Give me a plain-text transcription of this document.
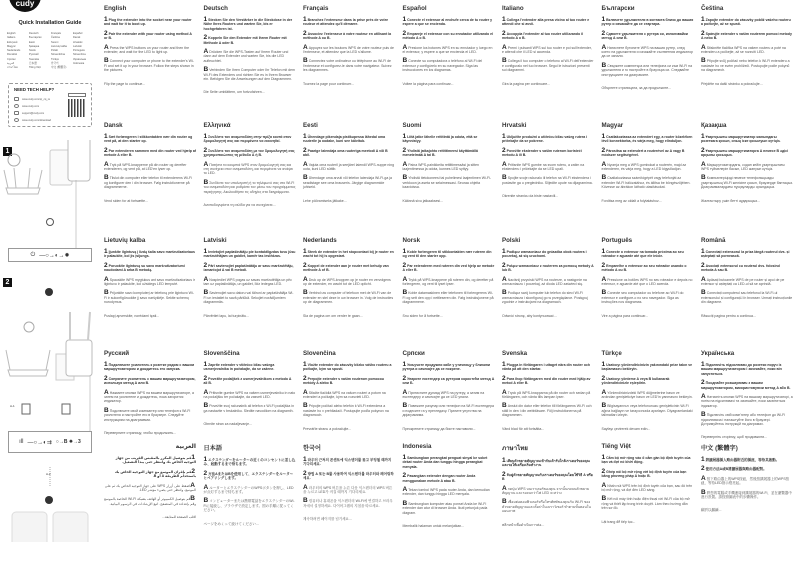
cudy
Quick Installation Guide
English	Deutsch	Français	Español
Italiano	Български	Čeština	Dansk
Ελληνικά	Eesti	Suomi	Hrvatski
Magyar	Қазақша	Lietuvių kalba	Latviski
Nederlands	Norsk	Polski	Português
Română	Русский	Slovenščina	Slovenčina
Српски	Svenska	Türkçe	Українська
العربية	日本語	한국어	Indonesia
ภาษาไทย	Tiếng Việt	中文 (繁體字)
NEED TECH HELP?
www.cudy.com/qr_cq_re
www.cudy.com
support@cudy.com
www.cudy.com/download
1
⏻ —○→◐→✹
2
A-1
ıll —○→◐⇉ ○→B ✹→3
A-2
English

1Plug the extender into the socket near your router and wait for it to boot up.

2Pair the extender with your router using method A or B.

APress the WPS buttons on your router and then the extender, and wait for the LED to light up.

BConnect your computer or phone to the extender's Wi-Fi and set it up in your browser. Follow the steps shown in the pictures.

Flip the page to continue...

Deutsch

1Stecken Sie den Verstärker in die Steckdose in der Nähe Ihres Routers und warten Sie, bis er hochgefahren ist.

2Koppeln Sie den Extender mit Ihrem Router mit Methode A oder B.

ADrücken Sie die WPS-Tasten auf Ihrem Router und dann auf dem Extender und warten Sie, bis die LED aufleuchtet.

BVerbinden Sie Ihren Computer oder Ihr Telefon mit dem Wi-Fi des Extenders und richten Sie es in Ihrem Browser ein. Befolgen Sie die Anweisungen auf den Diagrammen.

Die Seite umblättern, um fortzufahren...

Français

1Branchez l'extenseur dans la prise près de votre routeur et attendez qu'il démarre.

2Associez l'extenseur à votre routeur en utilisant la méthode A ou B.

AAppuyez sur les boutons WPS de votre routeur puis de l'extenseur, et attendez que la LED s'allume.

BConnectez votre ordinateur ou téléphone au Wi-Fi de l'extenseur et configurez-le dans votre navigateur. Suivez les diagrammes.

Tournez la page pour continuer...

Español

1Conecte el extensor al enchufe cerca de tu router y espere a que se encienda.

2Empareje el extensor con su enrutador utilizando el método A o B.

APresione los botones WPS en su enrutador y luego en el extensor, y espere a que se encienda el LED.

BConecte su computadora o teléfono al Wi-Fi del extensor y configúrelo en su navegador. Siga las instrucciones en los diagramas.

Voltee la página para continuar...

Italiano

1Collega l'extender alla presa vicino al tuo router e attendi che si avvii.

2Accoppia l'extender al tuo router utilizzando il metodo A o B.

APremi i pulsanti WPS sul tuo router e poi sull'extender, e attendi che il LED si accenda.

BCollega il tuo computer o telefono al Wi-Fi dell'extender e configuralo nel tuo browser. Segui le istruzioni presenti sui diagrammi.

Gira la pagina per continuare...

Български

1Включете удължителя в контакта близо до вашия рутер и изчакайте да се стартира.

2Сдвоете удължителя с рутера си, използвайки метод А или В.

AНатиснете бутоните WPS на вашия рутер, след което на удължителя и изчакайте съответния индикатор да се запали.

BСвържете компютъра или телефона си към Wi-Fi на удължителя и го настройте в браузъра си. Следвайте инструкциите на диаграмите.

Обърнете страницата, за да продължите...

Čeština

1Zapojte extender do zásuvky poblíž vašeho routeru a počkejte, až se spustí.

2Spárujte extender s vaším routerem pomocí metody A nebo B.

AStiskněte tlačítka WPS na vašem routeru a poté na extenderu a počkejte, až se rozsvítí LED.

BPřipojte svůj počítač nebo telefon k Wi-Fi extenderu a nastavte ho ve svém prohlížeči. Postupujte podle pokynů na diagramech.

Přejděte na další stránku a pokračujte...

Dansk

1Sæt forlængeren i stikkontakten nær din router og vent på, at den starter op.

2Par extenderen sammen med din router ved hjælp af metode A eller B.

ATryk på WPS-knapperne på din router og derefter extenderen, og vent på, at LED'en lyser op.

BTilslut din computer eller telefon til extenderens Wi-Fi og konfigurer den i din browser. Følg instruktionerne på diagrammerne.

Vend siden for at fortsætte...

Ελληνικά

1Συνδέστε τον αναμεταδότη στην πρίζα κοντά στον δρομολογητή σας και περιμένετε να εκκινηθεί.

2Συνδέστε τον αναμεταδότη με τον δρομολογητή σας χρησιμοποιώντας τη μέθοδο Α ή Β.

AΠατήστε τα κουμπιά WPS στον δρομολογητή σας και στη συνέχεια στον αναμεταδότη, και περιμένετε να ανάψει το LED.

BΣυνδέστε τον υπολογιστή ή το τηλέφωνό σας στο Wi-Fi του αναμεταδότη και ρυθμίστε τον μέσω του προγράμματος περιήγησης. Ακολουθήστε τις οδηγίες στα διαγράμματα.

Αναποδογυρίστε τη σελίδα για να συνεχίσετε...

Eesti

1Ühendage pikendaja pistikupessa lähedal oma ruuterile ja oodake, kuni see käivitub.

2Paarige laiendaja oma ruuteriga meetodi A või B abil.

AVajuta oma ruuteril ja seejärel laiendil WPS-nuppe ning oota, kuni LED süttib.

BÜhendage oma arvuti või telefon laiendaja Wi-Fi-ga ja seadistage see oma brauseris. Järgige diagrammide juhiseid.

Lehe pööramiseks jätkake...

Suomi

1Liitä jatke lähelle reititintä ja odota, että se käynnistyy.

2Yhdistä jatkajohto reitittimeesi käyttämällä menetelmää A tai B.

APaina WPS-painikkeita reitittimessäsi ja sitten laajentimessa ja odota, kunnes LED syttyy.

BYhdistä tietokoneesi tai puhelimesi laajentimen Wi-Fi-verkkoon ja aseta se selaimessasi. Seuraa ohjeita kaavioissa.

Käännä sivu jatkaaksesi...

Hrvatski

1Uključite produžni u utičnicu blizu vašeg rutera i pričekajte da se pokrene.

2Povežite ekstender s vašim ruterom koristeći metodu A ili B.

APritisnite WPS gumbe na svom ruteru, a zatim na ekstenderu i pričekajte da se LED upali.

BSpojite svoje računalo ili telefon na Wi-Fi ekstendera i postavite ga u pregledniku. Slijedite upute na dijagramima.

Okrenite stranicu da biste nastavili...

Magyar

1Csatlakoztassa az extendert egy, a router közelében lévő konnektorba, és várja meg, hogy elinduljon.

2Párosítsa az extendert a routerével az A vagy B módszer segítségével.

ANyomja meg a WPS gombokat a routerén, majd az extenderen, és várja meg, hogy a LED kigyulladjon.

BCsatlakoztassa számítógépét vagy telefonját az extender Wi-Fi hálózatához, és állítsa be böngészőjében. Kövesse az ábrákon látható utasításokat.

Fordítsa meg az oldalt a folytatáshoz...

Қазақша

1Ұзартқышты маршрутизатор жанындағы розеткаға қосып, оның іске қосылуын күтіңіз.

2Ұзартқышты маршрутизаторға A немесе B әдісі арқылы қосыңыз.

AМаршрутизатордағы, содан кейін ұзартқыштағы WPS түймелерін басып, LED жануын күтіңіз.

BКомпьютеріңізді немесе телефоныңызды ұзартқыштың Wi-Fi желісіне қосып, браузерде баптаңыз. Диаграммалардағы нұсқауларды орындаңыз.

Жалғастыру үшін бетті аударыңыз...

Lietuvių kalba

1Įjunkite ilgintuvą į lizdą šalia savo maršrutizatoriaus ir palaukite, kol jis įsijungs.

2Poruokite ilgintuvą su savo maršrutizatoriumi naudodami A arba B metodą.

ASpauskite WPS mygtukus ant savo maršrutizatoriaus ir ilgintuvo ir palaukite, kol užsidegs LED lemputė.

BPrijunkite savo kompiuterį ar telefoną prie ilgintuvo Wi-Fi ir sukonfigūruokite jį savo naršyklėje. Sekite schemų nurodymus.

Puslapį apverskite, norėdami tęsti...

Latviski

1Ievietojiet paplašinātāju pie kontaktligzdas tuvu jūsu maršrutētājam un gaidiet, kamēr tas ieslēdzas.

2Pārī savienojiet paplašinātāju ar savu maršrutētāju, izmantojot A vai B metodi.

ANospiediet WPS pogas uz savas maršrutētāja un pēc tam uz paplašinātāja, un gaidiet, līdz iedegas LED.

BSavienojiet savu datoru vai tālruni ar paplašinātāja Wi-Fi un iestatiet to savā pārlūkā. Sekojiet norādījumiem diagrammās.

Pārvērtiet lapu, lai turpinātu...

Nederlands

1Steek de extender in het stopcontact bij je router en wacht tot hij is opgestart.

2Koppel de extender aan je router met behulp van methode A of B.

ADruk op de WPS-knoppen op je router en vervolgens op de extender, en wacht tot de LED oplicht.

BVerbind uw computer of telefoon met de Wi-Fi van de extender en stel deze in uw browser in. Volg de instructies op de diagrammen.

Sla de pagina om om verder te gaan...

Norsk

1Koble forlengeren til stikkontakten nær ruteren din og vent til den starter opp.

2Par extenderen med ruteren din ved hjelp av metode A eller B.

ATrykk på WPS-knappene på ruteren din, og deretter på forlengeren, og vent til lyset lyser.

BKoble datamaskinen eller telefonen til forlengerens Wi-Fi og sett den opp i nettleseren din. Følg instruksjonene på diagrammene.

Snu siden for å fortsette...

Polski

1Podłącz wzmacniacz do gniazdka obok routera i poczekaj, aż się uruchomi.

2Połącz wzmacniacz z routerem za pomocą metody A lub B.

ANaciśnij przyciski WPS na routerze, a następnie na wzmacniaczu i poczekaj, aż dioda LED zaświeci się.

BPodłącz swój komputer lub telefon do sieci Wi-Fi wzmacniacza i skonfiguruj go w przeglądarce. Postępuj zgodnie z instrukcjami na diagramach.

Odwróć stronę, aby kontynuować...

Português

1Conecte o extensor na tomada próxima ao seu roteador e aguarde até que ele inicie.

2Emparelhe o extensor ao seu roteador usando o método A ou B.

APressione os botões WPS no seu roteador e depois no extensor, e aguarde até que o LED acenda.

BConecte seu computador ou telefone ao Wi-Fi do extensor e configure-o no seu navegador. Siga as instruções nos diagramas.

Vire a página para continuar...

Română

1Conectați extensorul la priza lângă routerul dvs. și așteptați să pornească.

2Asociați extensorul cu routerul dvs. folosind metoda A sau B.

AApăsați butoanele WPS de pe router și apoi de pe extensor și așteptați ca LED-ul să se aprindă.

BConectați computerul sau telefonul la Wi-Fi-ul extensorului și configurați-l în browser. Urmați instrucțiunile din diagrame.

Răsuciți pagina pentru a continua...

Русский

1Подключите усилитель к розетке рядом с вашим маршрутизатором и дождитесь его запуска.

2Сопрягите усилитель с вашим маршрутизатором, используя метод А или B.

AНажмите кнопки WPS на вашем маршрутизаторе, а затем на усилителе и дождитесь, пока загорится индикатор.

BПодключите свой компьютер или телефон к Wi-Fi усилителя и настройте его в браузере. Следуйте инструкциям на диаграммах.

Переверните страницу, чтобы продолжить...

Slovenščina

1Zaprite extender v vtičnico blizu vašega usmerjevalnika in počakajte, da se zažene.

2Povežite podaljšek z usmerjevalnikom z metodo A ali B.

APritisnite gumbe WPS na vašem usmerjevalniku in nato na podaljšku ter počakajte, da zasveti LED.

BPovežite svoj računalnik ali telefon z Wi-Fi podaljška in ga nastavite v brskalniku. Sledite navodilom na diagramih.

Obrnite stran za nadaljevanje...

Slovenčina

1Vložte extender do zásuvky blízko vášho routeru a počkajte, kým sa spustí.

2Prepojte extender s vaším routerom pomocou metódy A alebo B.

AStlačte tlačidlá WPS na vašom routeri a potom na extenderi a počkajte, kým sa rozsvieti LED.

BPripojte počítač alebo telefón k Wi-Fi extendera a nastavte ho v prehliadači. Postupujte podľa pokynov na diagramoch.

Prevráťte stranu a pokračujte...

Српски

1Укључите продужни кабл у утичницу у близини рутера и сачекајте да се покрене.

2Упарите екстендер са рутером користећи метод А или Б.

AПритисните дугмад WPS на рутеру, а затим на екстендеру и сачекајте да се LED упали.

BПовежите рачунар или телефон на Wi-Fi екстендера и подесите га у прегледачу. Пратите упутства на дијаграмима.

Преокрените страницу да бисте наставили...

Svenska

1Plugga in förlängaren i uttaget nära din router och vänta på att den startar.

2Para ihop förlängaren med din router med hjälp av metod A eller B.

ATryck på WPS-knapparna på din router och sedan på förlängaren, och vänta tills lampan lyser.

BAnslut din dator eller telefon till förlängarens Wi-Fi och ställ in den i din webbläsare. Följ instruktionerna på diagrammen.

Vänd blad för att fortsätta...

Türkçe

1Uzatıcıyı yönlendiricinizin yakınındaki prize takın ve başlamasını bekleyin.

2Uzatıcıyı yönteme A veya B kullanarak yönlendiricinizle eşleştirin.

AYönlendiricinizdeki WPS düğmelerine basın ve ardından genişleticiye basın ve LED'in yanmasını bekleyin.

BBilgisayarınızı veya telefonunuzu genişleticinin Wi-Fi ağına bağlayın ve tarayıcınızda ayarlayın. Diyagramlardaki talimatları izleyin.

Sayfayı çevirerek devam edin...

Українська

1Підключіть підсилювач до розетки поруч із вашим маршрутизатором і зачекайте, поки він запуститься.

2Поєднайте розширювач з вашим маршрутизатором, використовуючи метод A або B.

AНатисніть кнопки WPS на вашому маршрутизаторі, а потім на підсилювачі та зачекайте, поки засвітиться індикатор.

BПідключіть свій комп'ютер або телефон до Wi-Fi підсилювача і налаштуйте його в браузері. Дотримуйтесь інструкцій на діаграмах.

Переверніть сторінку, щоб продовжити...

العربية

1قم بتوصيل المكرر بالمقبس القريب من جهاز التوجيه الخاص بك وانتظر حتى يبدأ التشغيل.

2قم بإقران الموسع مع جهاز التوجيه الخاص بك باستخدام الطريقة A أو B.

Aاضغط على أزرار WPS على جهاز التوجيه الخاص بك ثم على الموسع، وانتظر حتى يضيء مؤشر LED.

Bقم بتوصيل الكمبيوتر أو الهاتف بشبكة Wi-Fi الخاصة بالموسع وقم بإعداده في المتصفح. اتبع الإرشادات في الرسوم البيانية.

اقلب الصفحة للمتابعة...

日本語

1エクステンダーをルーターの近くのコンセントに差し込み、起動するまで待ちます。

2方法AまたはBを使用して、エクステンダーをルーターとペアリングします。

AルーターとエクステンダーのWPSボタンを押し、LEDが点灯するまで待ちます。

Bコンピューターまたは携帯電話をエクステンダーのWi-Fiに接続し、ブラウザで設定します。図の手順に従ってください。

ページをめくって続けてください...

한국어

1라우터 근처의 콘센트에 익스텐더를 꽂고 부팅될 때까지 기다리세요.

2방법 A 또는 B를 사용하여 익스텐더를 라우터와 페어링하세요.

A라우터의 WPS 버튼을 누른 다음 익스텐더의 WPS 버튼을 누르고 LED가 켜질 때까지 기다리세요.

B컴퓨터나 휴대폰을 익스텐더의 Wi-Fi에 연결하고 브라우저에서 설정하세요. 다이어그램의 지침을 따르세요.

계속하려면 페이지를 넘기세요...

Indonesia

1Sambungkan perangkat penguat sinyal ke soket dekat router Anda dan tunggu hingga perangkat menyala.

2Pasangkan extender dengan router Anda menggunakan metode A atau B.

ATekan tombol WPS pada router Anda, dan kemudian extender, dan tunggu hingga LED menyala.

BSambungkan komputer atau ponsel Anda ke Wi-Fi extender dan atur di browser Anda. Ikuti petunjuk pada diagram.

Membalik halaman untuk melanjutkan...

ภาษาไทย

1เสียบตัวขยายสัญญาณเข้ากับเต้ารับใกล้เราเตอร์ของคุณและรอให้เครื่องเริ่มทำงาน

2จับคู่ตัวขยายสัญญาณกับเราเตอร์ของคุณโดยใช้วิธี A หรือ B

Aกดปุ่ม WPS บนเราเตอร์ของคุณ จากนั้นกดบนตัวขยายสัญญาณ และรอจนกว่าไฟ LED จะสว่าง

Bเชื่อมต่อคอมพิวเตอร์หรือโทรศัพท์ของคุณกับ Wi-Fi ของตัวขยายสัญญาณและตั้งค่าในเบราว์เซอร์ ทำตามขั้นตอนในแผนภาพ

พลิกหน้าเพื่อดำเนินการต่อ...

Tiếng Việt

1Cắm bộ mở rộng vào ổ cắm gần bộ định tuyến của bạn và đợi nó khởi động.

2Ghép nối bộ mở rộng với bộ định tuyến của bạn bằng phương pháp A hoặc B.

ANhấn nút WPS trên bộ định tuyến của bạn, sau đó trên bộ mở rộng, và đợi đèn LED sáng.

BKết nối máy tính hoặc điện thoại với Wi-Fi của bộ mở rộng và thiết lập trong trình duyệt. Làm theo hướng dẫn trên sơ đồ.

Lật trang để tiếp tục...

中文 (繁體字)

1將擴展器插入路由器附近的插座，等待其啟動。

2使用方法A或B將擴展器與路由器配對。

A按下路由器上的WPS按鈕，然後按擴展器上的WPS按鈕，等待LED指示燈亮起。

B將您的電腦或手機連接到擴展器的Wi-Fi，並在瀏覽器中進行設置。請按照圖表中的步驟操作。

翻頁以繼續...
